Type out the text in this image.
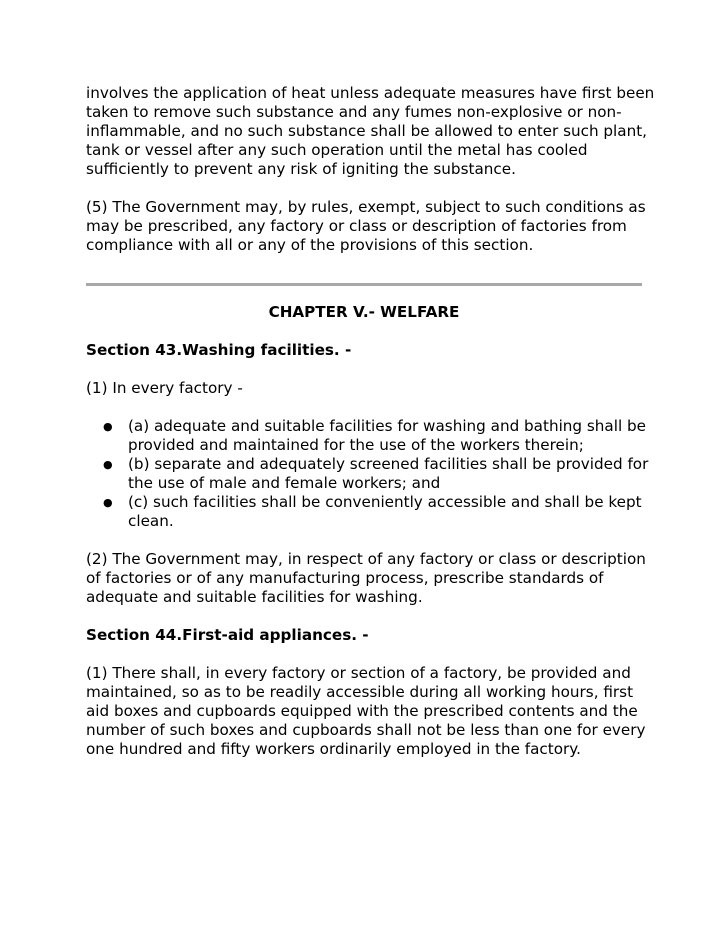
involves the application of heat unless adequate measures have first been taken to remove such substance and any fumes non-explosive or non-inflammable, and no such substance shall be allowed to enter such plant, tank or vessel after any such operation until the metal has cooled sufficiently to prevent any risk of igniting the substance.

(5) The Government may, by rules, exempt, subject to such conditions as may be prescribed, any factory or class or description of factories from compliance with all or any of the provisions of this section.

CHAPTER V.- WELFARE

Section 43.Washing facilities. -

(1) In every factory -

● (a) adequate and suitable facilities for washing and bathing shall be provided and maintained for the use of the workers therein;
● (b) separate and adequately screened facilities shall be provided for the use of male and female workers; and
● (c) such facilities shall be conveniently accessible and shall be kept clean.

(2) The Government may, in respect of any factory or class or description of factories or of any manufacturing process, prescribe standards of adequate and suitable facilities for washing.

Section 44.First-aid appliances. -

(1) There shall, in every factory or section of a factory, be provided and maintained, so as to be readily accessible during all working hours, first aid boxes and cupboards equipped with the prescribed contents and the number of such boxes and cupboards shall not be less than one for every one hundred and fifty workers ordinarily employed in the factory.
